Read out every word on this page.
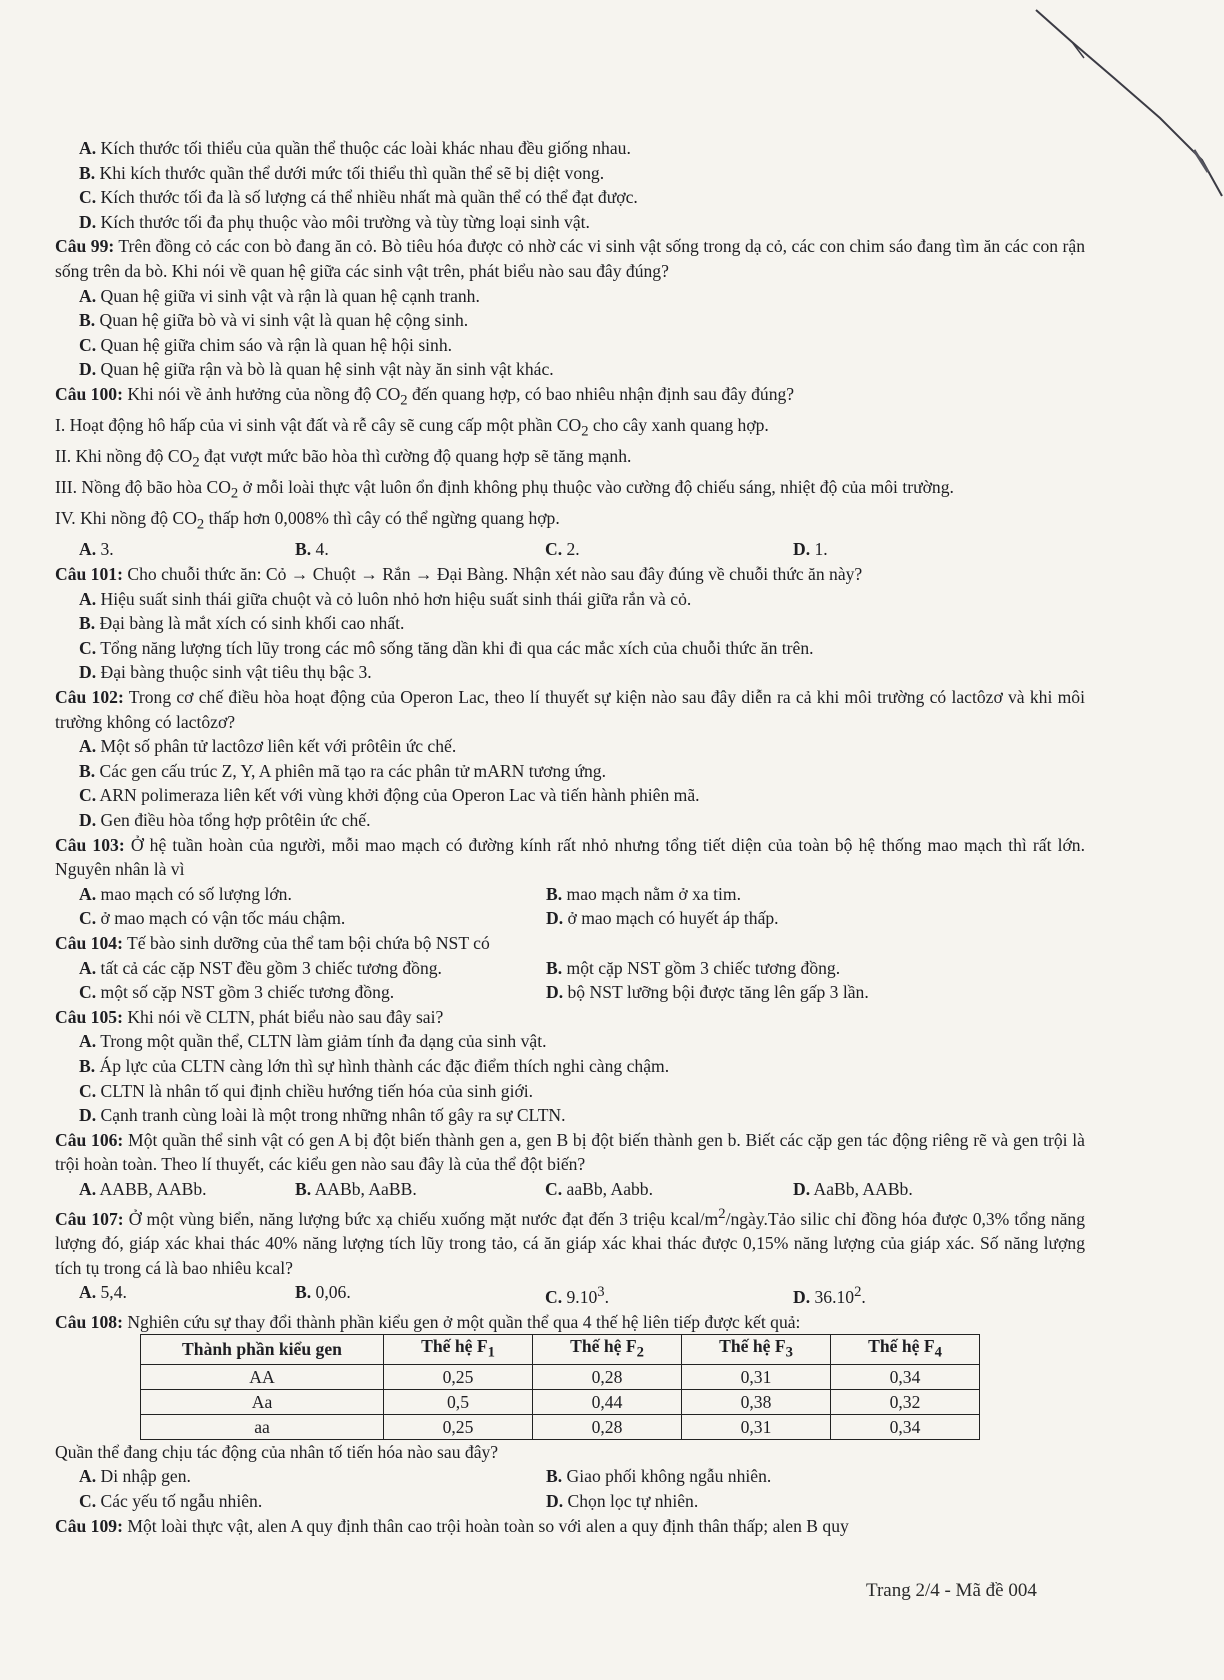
A. Kích thước tối thiểu của quần thể thuộc các loài khác nhau đều giống nhau.
B. Khi kích thước quần thể dưới mức tối thiểu thì quần thể sẽ bị diệt vong.
C. Kích thước tối đa là số lượng cá thể nhiều nhất mà quần thể có thể đạt được.
D. Kích thước tối đa phụ thuộc vào môi trường và tùy từng loại sinh vật.
Câu 99: Trên đồng cỏ các con bò đang ăn cỏ. Bò tiêu hóa được cỏ nhờ các vi sinh vật sống trong dạ cỏ, các con chim sáo đang tìm ăn các con rận sống trên da bò. Khi nói về quan hệ giữa các sinh vật trên, phát biểu nào sau đây đúng?
A. Quan hệ giữa vi sinh vật và rận là quan hệ cạnh tranh.
B. Quan hệ giữa bò và vi sinh vật là quan hệ cộng sinh.
C. Quan hệ giữa chim sáo và rận là quan hệ hội sinh.
D. Quan hệ giữa rận và bò là quan hệ sinh vật này ăn sinh vật khác.
Câu 100: Khi nói về ảnh hưởng của nồng độ $CO_2$ đến quang hợp, có bao nhiêu nhận định sau đây đúng?
I. Hoạt động hô hấp của vi sinh vật đất và rễ cây sẽ cung cấp một phần $CO_2$ cho cây xanh quang hợp.
II. Khi nồng độ $CO_2$ đạt vượt mức bão hòa thì cường độ quang hợp sẽ tăng mạnh.
III. Nồng độ bão hòa $CO_2$ ở mỗi loài thực vật luôn ổn định không phụ thuộc vào cường độ chiếu sáng, nhiệt độ của môi trường.
IV. Khi nồng độ $CO_2$ thấp hơn 0,008% thì cây có thể ngừng quang hợp.
A. 3.	B. 4.	C. 2.	D. 1.
Câu 101: Cho chuỗi thức ăn: Cỏ → Chuột → Rắn → Đại Bàng. Nhận xét nào sau đây đúng về chuỗi thức ăn này?
A. Hiệu suất sinh thái giữa chuột và cỏ luôn nhỏ hơn hiệu suất sinh thái giữa rắn và cỏ.
B. Đại bàng là mắt xích có sinh khối cao nhất.
C. Tổng năng lượng tích lũy trong các mô sống tăng dần khi đi qua các mắc xích của chuỗi thức ăn trên.
D. Đại bàng thuộc sinh vật tiêu thụ bậc 3.
Câu 102: Trong cơ chế điều hòa hoạt động của Operon Lac, theo lí thuyết sự kiện nào sau đây diễn ra cả khi môi trường có lactôzơ và khi môi trường không có lactôzơ?
A. Một số phân tử lactôzơ liên kết với prôtêin ức chế.
B. Các gen cấu trúc Z, Y, A phiên mã tạo ra các phân tử mARN tương ứng.
C. ARN polimeraza liên kết với vùng khởi động của Operon Lac và tiến hành phiên mã.
D. Gen điều hòa tổng hợp prôtêin ức chế.
Câu 103: Ở hệ tuần hoàn của người, mỗi mao mạch có đường kính rất nhỏ nhưng tổng tiết diện của toàn bộ hệ thống mao mạch thì rất lớn. Nguyên nhân là vì
A. mao mạch có số lượng lớn.	B. mao mạch nằm ở xa tim.
C. ở mao mạch có vận tốc máu chậm.	D. ở mao mạch có huyết áp thấp.
Câu 104: Tế bào sinh dưỡng của thể tam bội chứa bộ NST có
A. tất cả các cặp NST đều gồm 3 chiếc tương đồng.	B. một cặp NST gồm 3 chiếc tương đồng.
C. một số cặp NST gồm 3 chiếc tương đồng.	D. bộ NST lưỡng bội được tăng lên gấp 3 lần.
Câu 105: Khi nói về CLTN, phát biểu nào sau đây sai?
A. Trong một quần thể, CLTN làm giảm tính đa dạng của sinh vật.
B. Áp lực của CLTN càng lớn thì sự hình thành các đặc điểm thích nghi càng chậm.
C. CLTN là nhân tố qui định chiều hướng tiến hóa của sinh giới.
D. Cạnh tranh cùng loài là một trong những nhân tố gây ra sự CLTN.
Câu 106: Một quần thể sinh vật có gen A bị đột biến thành gen a, gen B bị đột biến thành gen b. Biết các cặp gen tác động riêng rẽ và gen trội là trội hoàn toàn. Theo lí thuyết, các kiểu gen nào sau đây là của thể đột biến?
A. AABB, AABb.	B. AABb, AaBB.	C. aaBb, Aabb.	D. AaBb, AABb.
Câu 107: Ở một vùng biển, năng lượng bức xạ chiếu xuống mặt nước đạt đến 3 triệu kcal/$m^2/ngày.Tảo$ silic chỉ đồng hóa được 0,3% tổng năng lượng đó, giáp xác khai thác 40% năng lượng tích lũy trong tảo, cá ăn giáp xác khai thác được 0,15% năng lượng của giáp xác. Số năng lượng tích tụ trong cá là bao nhiêu kcal?
A. 5,4.	B. 0,06.	C. 9.10$^3$.	D. 36.10$^2$.
Câu 108: Nghiên cứu sự thay đổi thành phần kiểu gen ở một quần thể qua 4 thế hệ liên tiếp được kết quả:
Thành phần kiểu gen	Thế hệ $F_1$	Thế hệ $F_2$	Thế hệ $F_3$	Thế hệ $F_4$
AA	0,25	0,28	0,31	0,34
Aa	0,5	0,44	0,38	0,32
aa	0,25	0,28	0,31	0,34
Quần thể đang chịu tác động của nhân tố tiến hóa nào sau đây?
A. Di nhập gen.	B. Giao phối không ngẫu nhiên.
C. Các yếu tố ngẫu nhiên.	D. Chọn lọc tự nhiên.
Câu 109: Một loài thực vật, alen A quy định thân cao trội hoàn toàn so với alen a quy định thân thấp; alen B quy
Trang 2/4 - Mã đề 004
